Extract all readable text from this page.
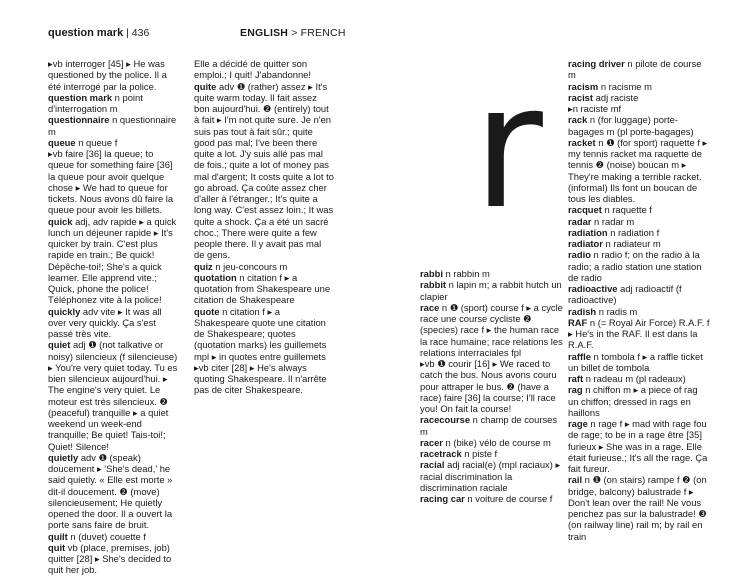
question mark | 436	ENGLISH > FRENCH
r
▸vb interroger [45] ▸ He was questioned by the police. Il a été interrogé par la police.
question mark n point d'interrogation m
questionnaire n questionnaire m
queue n queue f
▸vb faire [36] la queue; to queue for something faire [36] la queue pour avoir quelque chose ▸ We had to queue for tickets. Nous avons dû faire la queue pour avoir les billets.
quick adj, adv rapide ▸ a quick lunch un déjeuner rapide ▸ It's quicker by train. C'est plus rapide en train.; Be quick! Dépêche-toi!; She's a quick learner. Elle apprend vite.; Quick, phone the police! Téléphonez vite à la police!
quickly adv vite ▸ It was all over very quickly. Ça s'est passé très vite.
quiet adj ❶ (not talkative or noisy) silencieux (f silencieuse) ▸ You're very quiet today. Tu es bien silencieux aujourd'hui. ▸ The engine's very quiet. Le moteur est très silencieux. ❷ (peaceful) tranquille ▸ a quiet weekend un week-end tranquille; Be quiet! Tais-toi!; Quiet! Silence!
quietly adv ❶ (speak) doucement ▸ 'She's dead,' he said quietly. « Elle est morte » dit-il doucement. ❷ (move) silencieusement; He quietly opened the door. Il a ouvert la porte sans faire de bruit.
quilt n (duvet) couette f
quit vb (place, premises, job) quitter [28] ▸ She's decided to quit her job.
Elle a décidé de quitter son emploi.; I quit! J'abandonne!
quite adv ❶ (rather) assez ▸ It's quite warm today. Il fait assez bon aujourd'hui. ❷ (entirely) tout à fait ▸ I'm not quite sure. Je n'en suis pas tout à fait sûr.; quite good pas mal; I've been there quite a lot. J'y suis allé pas mal de fois.; quite a lot of money pas mal d'argent; It costs quite a lot to go abroad. Ça coûte assez cher d'aller à l'étranger.; It's quite a long way. C'est assez loin.; It was quite a shock. Ça a été un sacré choc.; There were quite a few people there. Il y avait pas mal de gens.
quiz n jeu-concours m
quotation n citation f ▸ a quotation from Shakespeare une citation de Shakespeare
quote n citation f ▸ a Shakespeare quote une citation de Shakespeare; quotes (quotation marks) les guillemets mpl ▸ in quotes entre guillemets
▸vb citer [28] ▸ He's always quoting Shakespeare. Il n'arrête pas de citer Shakespeare.
rabbi n rabbin m
rabbit n lapin m; a rabbit hutch un clapier
race n ❶ (sport) course f ▸ a cycle race une course cycliste ❷ (species) race f ▸ the human race la race humaine; race relations les relations interraciales fpl
▸vb ❶ courir [16] ▸ We raced to catch the bus. Nous avons couru pour attraper le bus. ❷ (have a race) faire [36] la course; I'll race you! On fait la course!
racecourse n champ de courses m
racer n (bike) vélo de course m
racetrack n piste f
racial adj racial(e) (mpl raciaux) ▸ racial discrimination la discrimination raciale
racing car n voiture de course f
racing driver n pilote de course m
racism n racisme m
racist adj raciste
▸n raciste mf
rack n (for luggage) porte-bagages m (pl porte-bagages)
racket n ❶ (for sport) raquette f ▸ my tennis racket ma raquette de tennis ❷ (noise) boucan m ▸ They're making a terrible racket. (informal) Ils font un boucan de tous les diables.
racquet n raquette f
radar n radar m
radiation n radiation f
radiator n radiateur m
radio n radio f; on the radio à la radio; a radio station une station de radio
radioactive adj radioactif (f radioactive)
radish n radis m
RAF n (= Royal Air Force) R.A.F. f ▸ He's in the RAF. Il est dans la R.A.F.
raffle n tombola f ▸ a raffle ticket un billet de tombola
raft n radeau m (pl radeaux)
rag n chiffon m ▸ a piece of rag un chiffon; dressed in rags en haillons
rage n rage f ▸ mad with rage fou de rage; to be in a rage être [35] furieux ▸ She was in a rage. Elle était furieuse.; It's all the rage. Ça fait fureur.
rail n ❶ (on stairs) rampe f ❷ (on bridge, balcony) balustrade f ▸ Don't lean over the rail! Ne vous penchez pas sur la balustrade! ❸ (on railway line) rail m; by rail en train
